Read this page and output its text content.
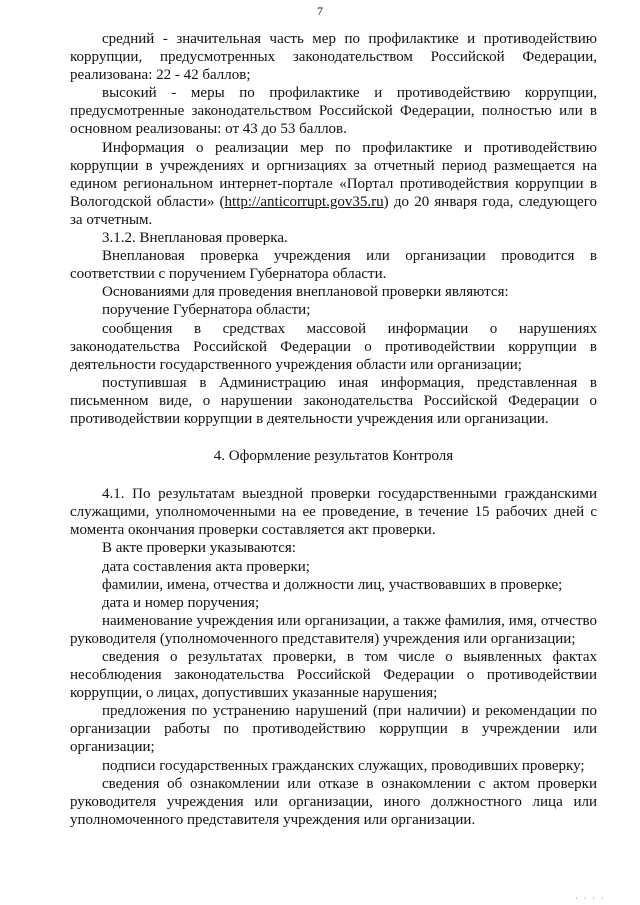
7

средний - значительная часть мер по профилактике и противодействию коррупции, предусмотренных законодательством Российской Федерации, реализована: 22 - 42 баллов;

высокий - меры по профилактике и противодействию коррупции, предусмотренные законодательством Российской Федерации, полностью или в основном реализованы: от 43 до 53 баллов.

Информация о реализации мер по профилактике и противодействию коррупции в учреждениях и оргнизациях за отчетный период размещается на едином региональном интернет-портале «Портал противодействия коррупции в Вологодской области» (http://anticorrupt.gov35.ru) до 20 января года, следующего за отчетным.

3.1.2. Внеплановая проверка.

Внеплановая проверка учреждения или организации проводится в соответствии с поручением Губернатора области.

Основаниями для проведения внеплановой проверки являются:

поручение Губернатора области;

сообщения в средствах массовой информации о нарушениях законодательства Российской Федерации о противодействии коррупции в деятельности государственного учреждения области или организации;

поступившая в Администрацию иная информация, представленная в письменном виде, о нарушении законодательства Российской Федерации о противодействии коррупции в деятельности учреждения или организации.

4. Оформление результатов Контроля

4.1. По результатам выездной проверки государственными гражданскими служащими, уполномоченными на ее проведение, в течение 15 рабочих дней с момента окончания проверки составляется акт проверки.

В акте проверки указываются:

дата составления акта проверки;

фамилии, имена, отчества и должности лиц, участвовавших в проверке;

дата и номер поручения;

наименование учреждения или организации, а также фамилия, имя, отчество руководителя (уполномоченного представителя) учреждения или организации;

сведения о результатах проверки, в том числе о выявленных фактах несоблюдения законодательства Российской Федерации о противодействии коррупции, о лицах, допустивших указанные нарушения;

предложения по устранению нарушений (при наличии) и рекомендации по организации работы по противодействию коррупции в учреждении или организации;

подписи государственных гражданских служащих, проводивших проверку;

сведения об ознакомлении или отказе в ознакомлении с актом проверки руководителя учреждения или организации, иного должностного лица или уполномоченного представителя учреждения или организации.

· · · ·
